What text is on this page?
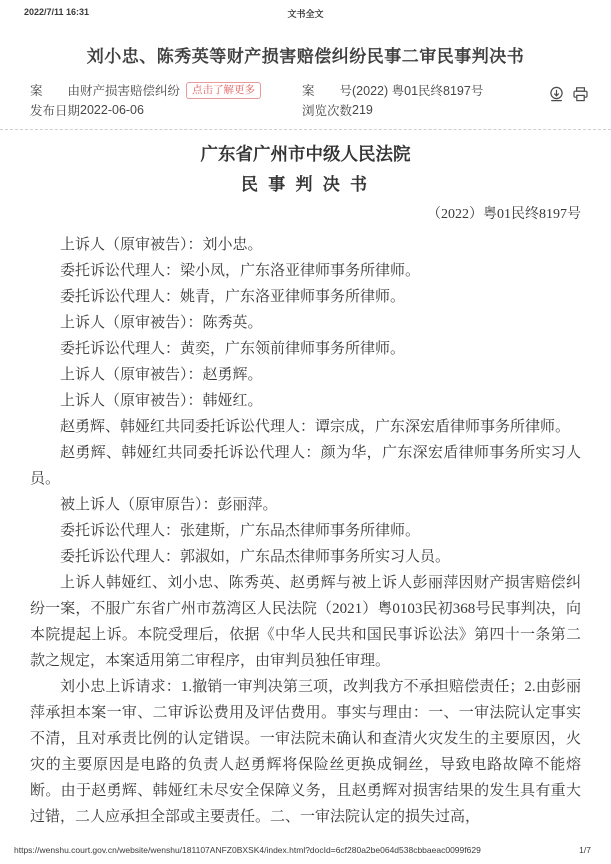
2022/7/11 16:31	文书全文
刘小忠、陈秀英等财产损害赔偿纠纷民事二审民事判决书
案　　由 财产损害赔偿纠纷	点击了解更多	案　　号 (2022) 粤01民终8197号
发布日期 2022-06-06	浏览次数 219
广东省广州市中级人民法院
民 事 判 决 书
（2022）粤01民终8197号

上诉人（原审被告）：刘小忠。

委托诉讼代理人：梁小凤，广东洛亚律师事务所律师。

委托诉讼代理人：姚青，广东洛亚律师事务所律师。

上诉人（原审被告）：陈秀英。

委托诉讼代理人：黄奕，广东领前律师事务所律师。

上诉人（原审被告）：赵勇辉。

上诉人（原审被告）：韩娅红。

赵勇辉、韩娅红共同委托诉讼代理人：谭宗成，广东深宏盾律师事务所律师。

赵勇辉、韩娅红共同委托诉讼代理人：颜为华，广东深宏盾律师事务所实习人员。

被上诉人（原审原告）：彭丽萍。

委托诉讼代理人：张建斯，广东品杰律师事务所律师。

委托诉讼代理人：郭淑如，广东品杰律师事务所实习人员。

上诉人韩娅红、刘小忠、陈秀英、赵勇辉与被上诉人彭丽萍因财产损害赔偿纠纷一案，不服广东省广州市荔湾区人民法院（2021）粤0103民初368号民事判决，向本院提起上诉。本院受理后，依据《中华人民共和国民事诉讼法》第四十一条第二款之规定，本案适用第二审程序，由审判员独任审理。

刘小忠上诉请求：1.撤销一审判决第三项，改判我方不承担赔偿责任；2.由彭丽萍承担本案一审、二审诉讼费用及评估费用。事实与理由：一、一审法院认定事实不清，且对承责比例的认定错误。一审法院未确认和查清火灾发生的主要原因，火灾的主要原因是电路的负责人赵勇辉将保险丝更换成铜丝，导致电路故障不能熔断。由于赵勇辉、韩娅红未尽安全保障义务，且赵勇辉对损害结果的发生具有重大过错，二人应承担全部或主要责任。二、一审法院认定的损失过高，

https://wenshu.court.gov.cn/website/wenshu/181107ANFZ0BXSK4/index.html?docId=6cf280a2be064d538cbbaeac0099f629	1/7
